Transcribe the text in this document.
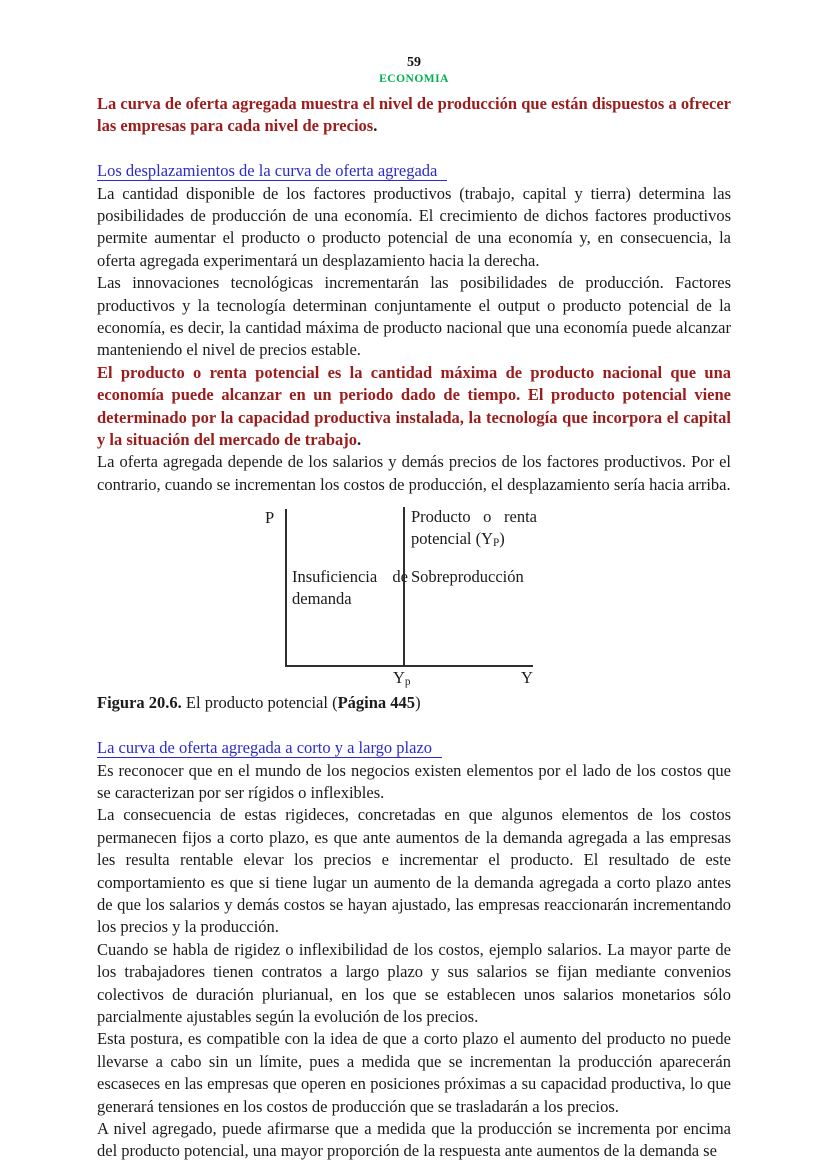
59
ECONOMIA

La curva de oferta agregada muestra el nivel de producción que están dispuestos a ofrecer las empresas para cada nivel de precios.

Los desplazamientos de la curva de oferta agregada

La cantidad disponible de los factores productivos (trabajo, capital y tierra) determina las posibilidades de producción de una economía. El crecimiento de dichos factores productivos permite aumentar el producto o producto potencial de una economía y, en consecuencia, la oferta agregada experimentará un desplazamiento hacia la derecha.

Las innovaciones tecnológicas incrementarán las posibilidades de producción. Factores productivos y la tecnología determinan conjuntamente el output o producto potencial de la economía, es decir, la cantidad máxima de producto nacional que una economía puede alcanzar manteniendo el nivel de precios estable.

El producto o renta potencial es la cantidad máxima de producto nacional que una economía puede alcanzar en un periodo dado de tiempo. El producto potencial viene determinado por la capacidad productiva instalada, la tecnología que incorpora el capital y la situación del mercado de trabajo.

La oferta agregada depende de los salarios y demás precios de los factores productivos. Por el contrario, cuando se incrementan los costos de producción, el desplazamiento sería hacia arriba.

P	Producto o renta potencial $(Y_P)$
Insuficiencia de demanda
Sobreproducción
$Y_p$	Y

Figura 20.6. El producto potencial (Página 445)

La curva de oferta agregada a corto y a largo plazo

Es reconocer que en el mundo de los negocios existen elementos por el lado de los costos que se caracterizan por ser rígidos o inflexibles.

La consecuencia de estas rigideces, concretadas en que algunos elementos de los costos permanecen fijos a corto plazo, es que ante aumentos de la demanda agregada a las empresas les resulta rentable elevar los precios e incrementar el producto. El resultado de este comportamiento es que si tiene lugar un aumento de la demanda agregada a corto plazo antes de que los salarios y demás costos se hayan ajustado, las empresas reaccionarán incrementando los precios y la producción.

Cuando se habla de rigidez o inflexibilidad de los costos, ejemplo salarios. La mayor parte de los trabajadores tienen contratos a largo plazo y sus salarios se fijan mediante convenios colectivos de duración plurianual, en los que se establecen unos salarios monetarios sólo parcialmente ajustables según la evolución de los precios.

Esta postura, es compatible con la idea de que a corto plazo el aumento del producto no puede llevarse a cabo sin un límite, pues a medida que se incrementan la producción aparecerán escaseces en las empresas que operen en posiciones próximas a su capacidad productiva, lo que generará tensiones en los costos de producción que se trasladarán a los precios.

A nivel agregado, puede afirmarse que a medida que la producción se incrementa por encima del producto potencial, una mayor proporción de la respuesta ante aumentos de la demanda se
